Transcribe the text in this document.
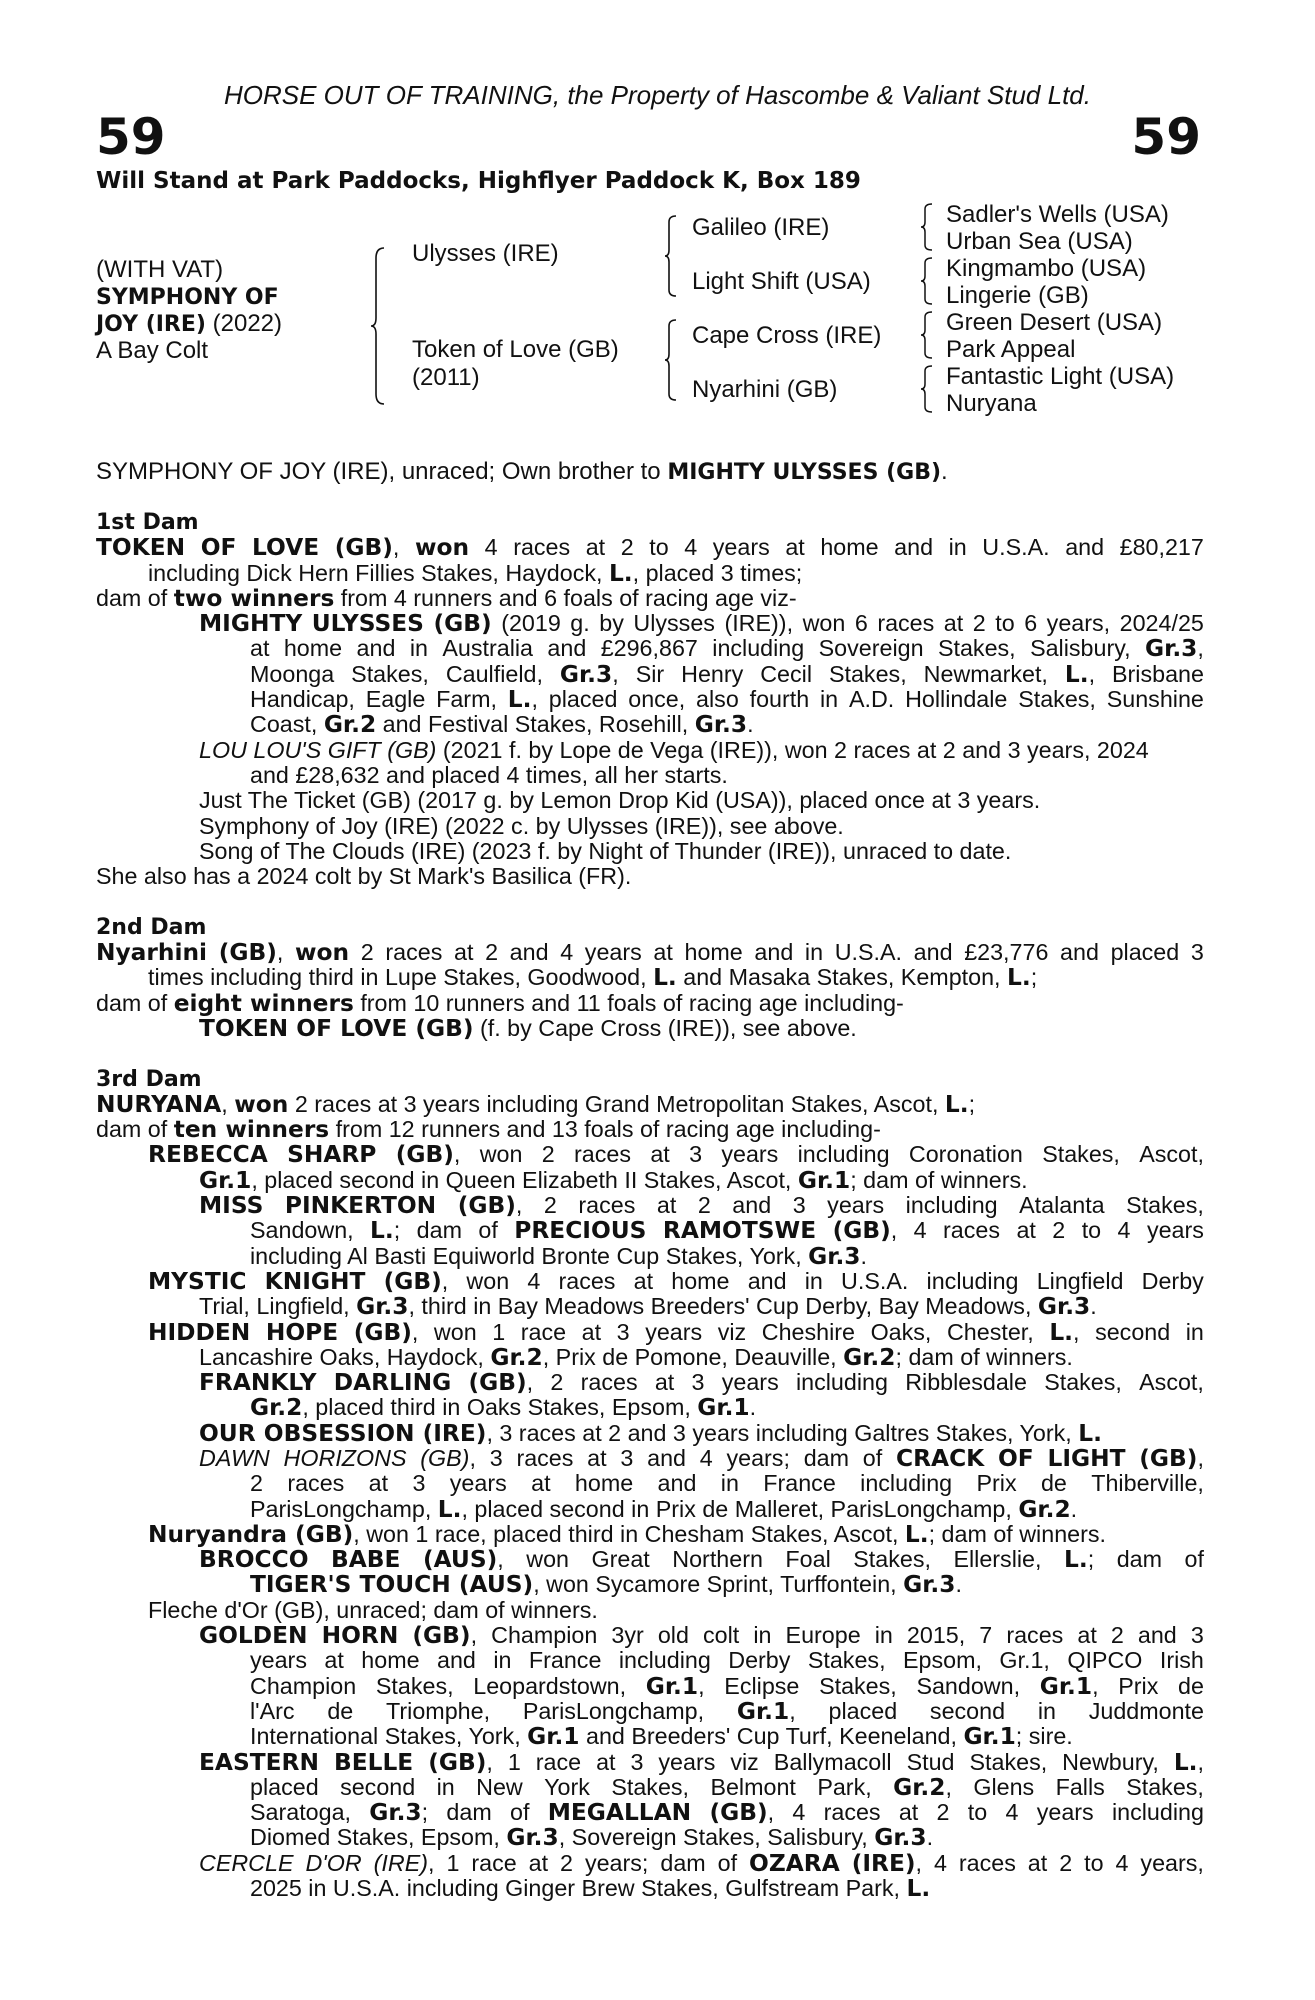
HORSE OUT OF TRAINING, the Property of Hascombe & Valiant Stud Ltd.
59	59
Will Stand at Park Paddocks, Highflyer Paddock K, Box 189
(WITH VAT)
SYMPHONY OF
JOY (IRE) (2022)
A Bay Colt
Ulysses (IRE)
Token of Love (GB)
(2011)
Galileo (IRE)
Light Shift (USA)
Cape Cross (IRE)
Nyarhini (GB)
Sadler's Wells (USA)
Urban Sea (USA)
Kingmambo (USA)
Lingerie (GB)
Green Desert (USA)
Park Appeal
Fantastic Light (USA)
Nuryana
SYMPHONY OF JOY (IRE), unraced; Own brother to MIGHTY ULYSSES (GB).
1st Dam
TOKEN OF LOVE (GB), won 4 races at 2 to 4 years at home and in U.S.A. and £80,217
including Dick Hern Fillies Stakes, Haydock, L., placed 3 times;
dam of two winners from 4 runners and 6 foals of racing age viz-
MIGHTY ULYSSES (GB) (2019 g. by Ulysses (IRE)), won 6 races at 2 to 6 years, 2024/25
at home and in Australia and £296,867 including Sovereign Stakes, Salisbury, Gr.3,
Moonga Stakes, Caulfield, Gr.3, Sir Henry Cecil Stakes, Newmarket, L., Brisbane
Handicap, Eagle Farm, L., placed once, also fourth in A.D. Hollindale Stakes, Sunshine
Coast, Gr.2 and Festival Stakes, Rosehill, Gr.3.
LOU LOU'S GIFT (GB) (2021 f. by Lope de Vega (IRE)), won 2 races at 2 and 3 years, 2024
and £28,632 and placed 4 times, all her starts.
Just The Ticket (GB) (2017 g. by Lemon Drop Kid (USA)), placed once at 3 years.
Symphony of Joy (IRE) (2022 c. by Ulysses (IRE)), see above.
Song of The Clouds (IRE) (2023 f. by Night of Thunder (IRE)), unraced to date.
She also has a 2024 colt by St Mark's Basilica (FR).
2nd Dam
Nyarhini (GB), won 2 races at 2 and 4 years at home and in U.S.A. and £23,776 and placed 3
times including third in Lupe Stakes, Goodwood, L. and Masaka Stakes, Kempton, L.;
dam of eight winners from 10 runners and 11 foals of racing age including-
TOKEN OF LOVE (GB) (f. by Cape Cross (IRE)), see above.
3rd Dam
NURYANA, won 2 races at 3 years including Grand Metropolitan Stakes, Ascot, L.;
dam of ten winners from 12 runners and 13 foals of racing age including-
REBECCA SHARP (GB), won 2 races at 3 years including Coronation Stakes, Ascot,
Gr.1, placed second in Queen Elizabeth II Stakes, Ascot, Gr.1; dam of winners.
MISS PINKERTON (GB), 2 races at 2 and 3 years including Atalanta Stakes,
Sandown, L.; dam of PRECIOUS RAMOTSWE (GB), 4 races at 2 to 4 years
including Al Basti Equiworld Bronte Cup Stakes, York, Gr.3.
MYSTIC KNIGHT (GB), won 4 races at home and in U.S.A. including Lingfield Derby
Trial, Lingfield, Gr.3, third in Bay Meadows Breeders' Cup Derby, Bay Meadows, Gr.3.
HIDDEN HOPE (GB), won 1 race at 3 years viz Cheshire Oaks, Chester, L., second in
Lancashire Oaks, Haydock, Gr.2, Prix de Pomone, Deauville, Gr.2; dam of winners.
FRANKLY DARLING (GB), 2 races at 3 years including Ribblesdale Stakes, Ascot,
Gr.2, placed third in Oaks Stakes, Epsom, Gr.1.
OUR OBSESSION (IRE), 3 races at 2 and 3 years including Galtres Stakes, York, L.
DAWN HORIZONS (GB), 3 races at 3 and 4 years; dam of CRACK OF LIGHT (GB),
2 races at 3 years at home and in France including Prix de Thiberville,
ParisLongchamp, L., placed second in Prix de Malleret, ParisLongchamp, Gr.2.
Nuryandra (GB), won 1 race, placed third in Chesham Stakes, Ascot, L.; dam of winners.
BROCCO BABE (AUS), won Great Northern Foal Stakes, Ellerslie, L.; dam of
TIGER'S TOUCH (AUS), won Sycamore Sprint, Turffontein, Gr.3.
Fleche d'Or (GB), unraced; dam of winners.
GOLDEN HORN (GB), Champion 3yr old colt in Europe in 2015, 7 races at 2 and 3
years at home and in France including Derby Stakes, Epsom, Gr.1, QIPCO Irish
Champion Stakes, Leopardstown, Gr.1, Eclipse Stakes, Sandown, Gr.1, Prix de
l'Arc de Triomphe, ParisLongchamp, Gr.1, placed second in Juddmonte
International Stakes, York, Gr.1 and Breeders' Cup Turf, Keeneland, Gr.1; sire.
EASTERN BELLE (GB), 1 race at 3 years viz Ballymacoll Stud Stakes, Newbury, L.,
placed second in New York Stakes, Belmont Park, Gr.2, Glens Falls Stakes,
Saratoga, Gr.3; dam of MEGALLAN (GB), 4 races at 2 to 4 years including
Diomed Stakes, Epsom, Gr.3, Sovereign Stakes, Salisbury, Gr.3.
CERCLE D'OR (IRE), 1 race at 2 years; dam of OZARA (IRE), 4 races at 2 to 4 years,
2025 in U.S.A. including Ginger Brew Stakes, Gulfstream Park, L.
